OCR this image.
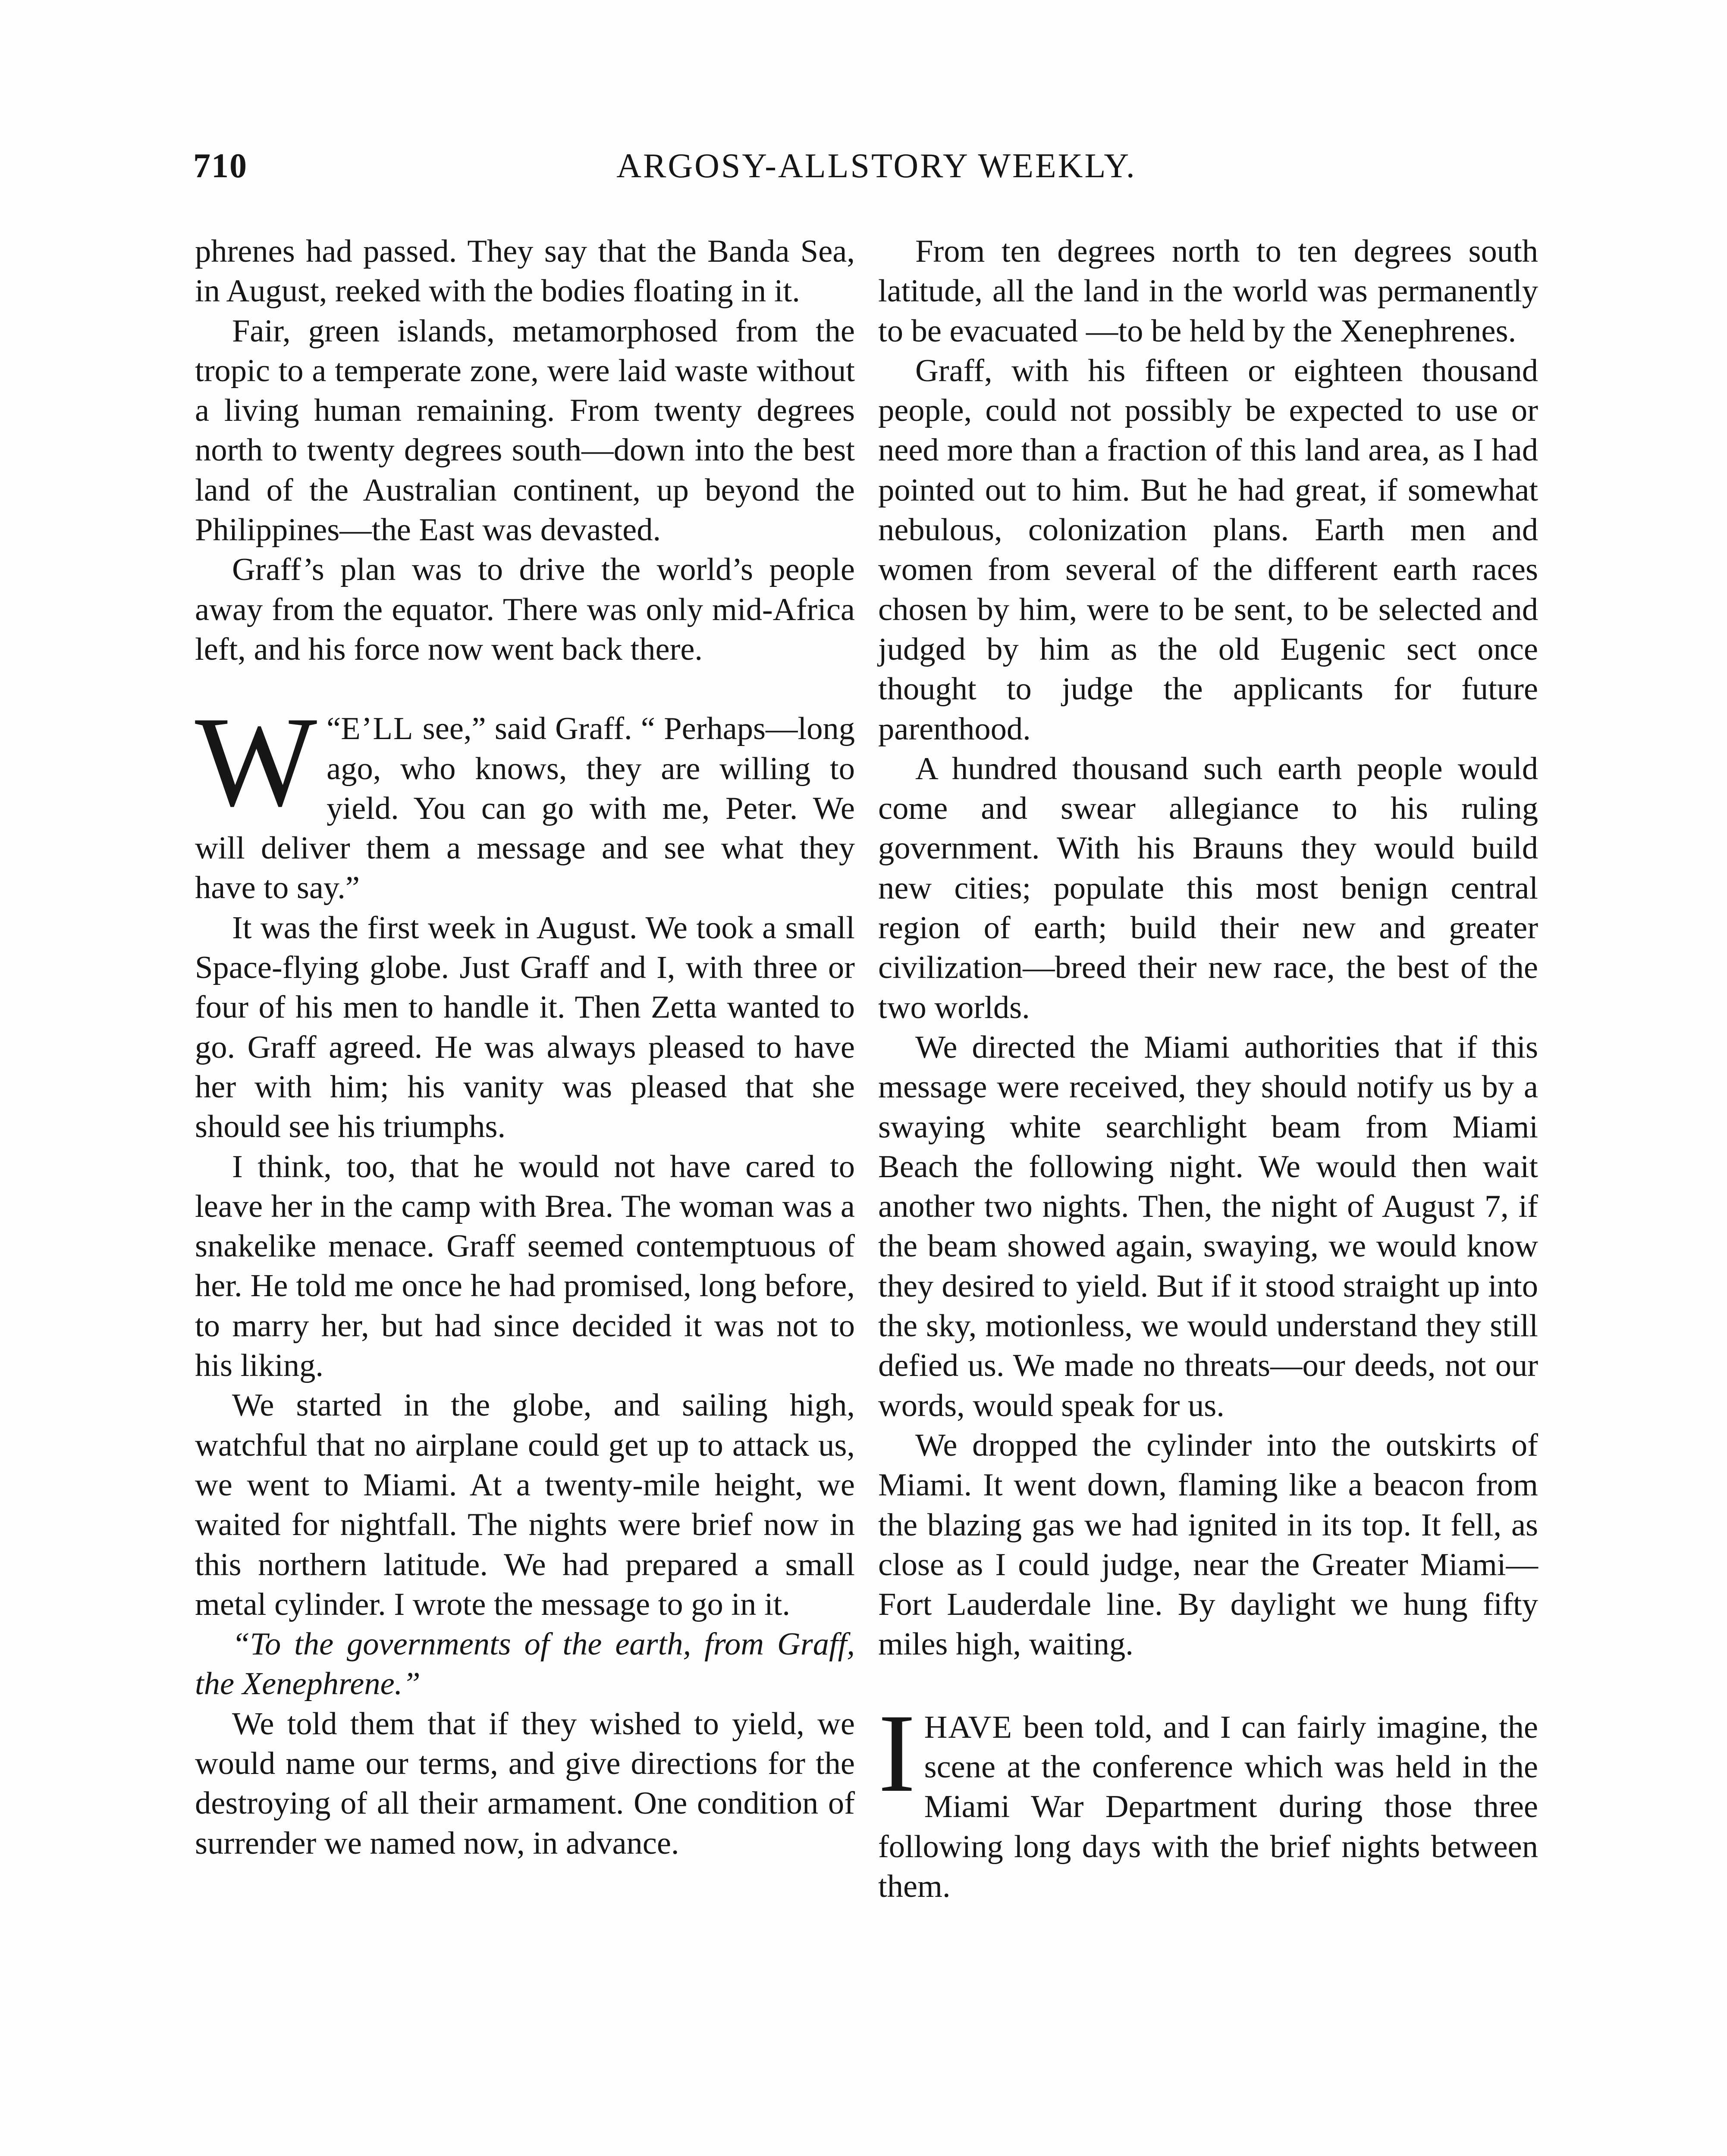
710	ARGOSY-ALLSTORY WEEKLY.

phrenes had passed. They say that the Banda Sea, in August, reeked with the bodies floating in it.

Fair, green islands, metamorphosed from the tropic to a temperate zone, were laid waste without a living human remaining. From twenty degrees north to twenty degrees south—down into the best land of the Australian continent, up beyond the Philippines—the East was devasted.

Graff’s plan was to drive the world’s people away from the equator. There was only mid-Africa left, and his force now went back there.

“
W E’LL see,” said Graff. “ Perhaps—long ago, who knows, they are willing to yield. You can go with me, Peter. We will deliver them a message and see what they have to say.”

It was the first week in August. We took a small Space-flying globe. Just Graff and I, with three or four of his men to handle it. Then Zetta wanted to go. Graff agreed. He was always pleased to have her with him; his vanity was pleased that she should see his triumphs.

I think, too, that he would not have cared to leave her in the camp with Brea. The woman was a snakelike menace. Graff seemed contemptuous of her. He told me once he had promised, long before, to marry her, but had since decided it was not to his liking.

We started in the globe, and sailing high, watchful that no airplane could get up to attack us, we went to Miami. At a twenty-mile height, we waited for nightfall. The nights were brief now in this northern latitude. We had prepared a small metal cylinder. I wrote the message to go in it.

“To the governments of the earth, from Graff, the Xenephrene.”

We told them that if they wished to yield, we would name our terms, and give directions for the destroying of all their armament. One condition of surrender we named now, in advance.

From ten degrees north to ten degrees south latitude, all the land in the world was permanently to be evacuated —to be held by the Xenephrenes.

Graff, with his fifteen or eighteen thousand people, could not possibly be expected to use or need more than a fraction of this land area, as I had pointed out to him. But he had great, if somewhat nebulous, colonization plans. Earth men and women from several of the different earth races chosen by him, were to be sent, to be selected and judged by him as the old Eugenic sect once thought to judge the applicants for future parenthood.

A hundred thousand such earth people would come and swear allegiance to his ruling government. With his Brauns they would build new cities; populate this most benign central region of earth; build their new and greater civilization—breed their new race, the best of the two worlds.

We directed the Miami authorities that if this message were received, they should notify us by a swaying white searchlight beam from Miami Beach the following night. We would then wait another two nights. Then, the night of August 7, if the beam showed again, swaying, we would know they desired to yield. But if it stood straight up into the sky, motionless, we would understand they still defied us. We made no threats—our deeds, not our words, would speak for us.

We dropped the cylinder into the outskirts of Miami. It went down, flaming like a beacon from the blazing gas we had ignited in its top. It fell, as close as I could judge, near the Greater Miami—Fort Lauderdale line. By daylight we hung fifty miles high, waiting.

IHAVE been told, and I can fairly imagine, the scene at the conference which was held in the Miami War Department during those three following long days with the brief nights between them.
